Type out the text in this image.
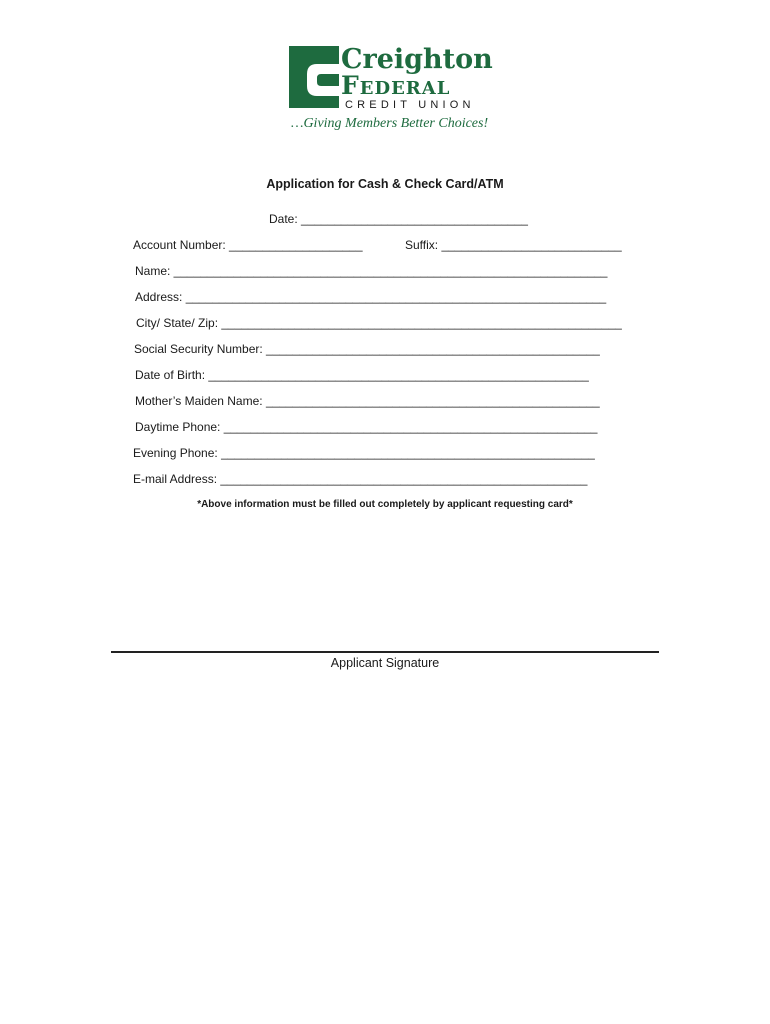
Creighton
Federal
CREDIT UNION
…Giving Members Better Choices!
Application for Cash & Check Card/ATM
Date: __________________________________
Account Number: ____________________	Suffix: ___________________________
Name: _________________________________________________________________
Address: _______________________________________________________________
City/ State/ Zip: ____________________________________________________________
Social Security Number: __________________________________________________
Date of Birth: _________________________________________________________
Mother’s Maiden Name: __________________________________________________
Daytime Phone: ________________________________________________________
Evening Phone: ________________________________________________________
E-mail Address: _______________________________________________________
*Above information must be filled out completely by applicant requesting card*
Applicant Signature
